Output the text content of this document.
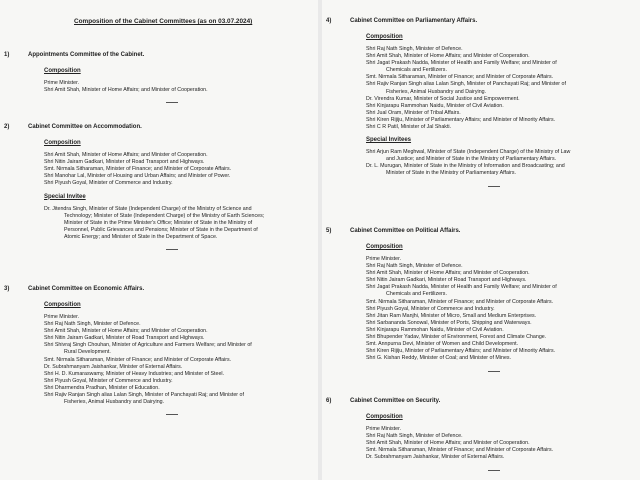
Composition of the Cabinet Committees (as on 03.07.2024)
1)	Appointments Committee of the Cabinet.
Composition
Prime Minister.
Shri Amit Shah, Minister of Home Affairs; and Minister of Cooperation.
2)	Cabinet Committee on Accommodation.
Composition
Shri Amit Shah, Minister of Home Affairs; and Minister of Cooperation.
Shri Nitin Jairam Gadkari, Minister of Road Transport and Highways.
Smt. Nirmala Sitharaman, Minister of Finance; and Minister of Corporate Affairs.
Shri Manohar Lal, Minister of Housing and Urban Affairs; and Minister of Power.
Shri Piyush Goyal, Minister of Commerce and Industry.
Special Invitee
Dr. Jitendra Singh, Minister of State (Independent Charge) of the Ministry of Science and
Technology; Minister of State (Independent Charge) of the Ministry of Earth Sciences;
Minister of State in the Prime Minister's Office; Minister of State in the Ministry of
Personnel, Public Grievances and Pensions; Minister of State in the Department of
Atomic Energy; and Minister of State in the Department of Space.
3)	Cabinet Committee on Economic Affairs.
Composition
Prime Minister.
Shri Raj Nath Singh, Minister of Defence.
Shri Amit Shah, Minister of Home Affairs; and Minister of Cooperation.
Shri Nitin Jairam Gadkari, Minister of Road Transport and Highways.
Shri Shivraj Singh Chouhan, Minister of Agriculture and Farmers Welfare; and Minister of
Rural Development.
Smt. Nirmala Sitharaman, Minister of Finance; and Minister of Corporate Affairs.
Dr. Subrahmanyam Jaishankar, Minister of External Affairs.
Shri H. D. Kumaraswamy, Minister of Heavy Industries; and Minister of Steel.
Shri Piyush Goyal, Minister of Commerce and Industry.
Shri Dharmendra Pradhan, Minister of Education.
Shri Rajiv Ranjan Singh alias Lalan Singh, Minister of Panchayati Raj; and Minister of
Fisheries, Animal Husbandry and Dairying.
4)	Cabinet Committee on Parliamentary Affairs.
Composition
Shri Raj Nath Singh, Minister of Defence.
Shri Amit Shah, Minister of Home Affairs; and Minister of Cooperation.
Shri Jagat Prakash Nadda, Minister of Health and Family Welfare; and Minister of
Chemicals and Fertilizers.
Smt. Nirmala Sitharaman, Minister of Finance; and Minister of Corporate Affairs.
Shri Rajiv Ranjan Singh alias Lalan Singh, Minister of Panchayati Raj; and Minister of
Fisheries, Animal Husbandry and Dairying.
Dr. Virendra Kumar, Minister of Social Justice and Empowerment.
Shri Kinjarapu Rammohan Naidu, Minister of Civil Aviation.
Shri Jual Oram, Minister of Tribal Affairs.
Shri Kiren Rijiju, Minister of Parliamentary Affairs; and Minister of Minority Affairs.
Shri C R Patil, Minister of Jal Shakti.
Special Invitees
Shri Arjun Ram Meghwal, Minister of State (Independent Charge) of the Ministry of Law
and Justice; and Minister of State in the Ministry of Parliamentary Affairs.
Dr. L. Murugan, Minister of State in the Ministry of Information and Broadcasting; and
Minister of State in the Ministry of Parliamentary Affairs.
5)	Cabinet Committee on Political Affairs.
Composition
Prime Minister.
Shri Raj Nath Singh, Minister of Defence.
Shri Amit Shah, Minister of Home Affairs; and Minister of Cooperation.
Shri Nitin Jairam Gadkari, Minister of Road Transport and Highways.
Shri Jagat Prakash Nadda, Minister of Health and Family Welfare; and Minister of
Chemicals and Fertilizers.
Smt. Nirmala Sitharaman, Minister of Finance; and Minister of Corporate Affairs.
Shri Piyush Goyal, Minister of Commerce and Industry.
Shri Jitan Ram Manjhi, Minister of Micro, Small and Medium Enterprises.
Shri Sarbananda Sonowal, Minister of Ports, Shipping and Waterways.
Shri Kinjarapu Rammohan Naidu, Minister of Civil Aviation.
Shri Bhupender Yadav, Minister of Environment, Forest and Climate Change.
Smt. Annpurna Devi, Minister of Women and Child Development.
Shri Kiren Rijiju, Minister of Parliamentary Affairs; and Minister of Minority Affairs.
Shri G. Kishan Reddy, Minister of Coal; and Minister of Mines.
6)	Cabinet Committee on Security.
Composition
Prime Minister.
Shri Raj Nath Singh, Minister of Defence.
Shri Amit Shah, Minister of Home Affairs; and Minister of Cooperation.
Smt. Nirmala Sitharaman, Minister of Finance; and Minister of Corporate Affairs.
Dr. Subrahmanyam Jaishankar, Minister of External Affairs.
